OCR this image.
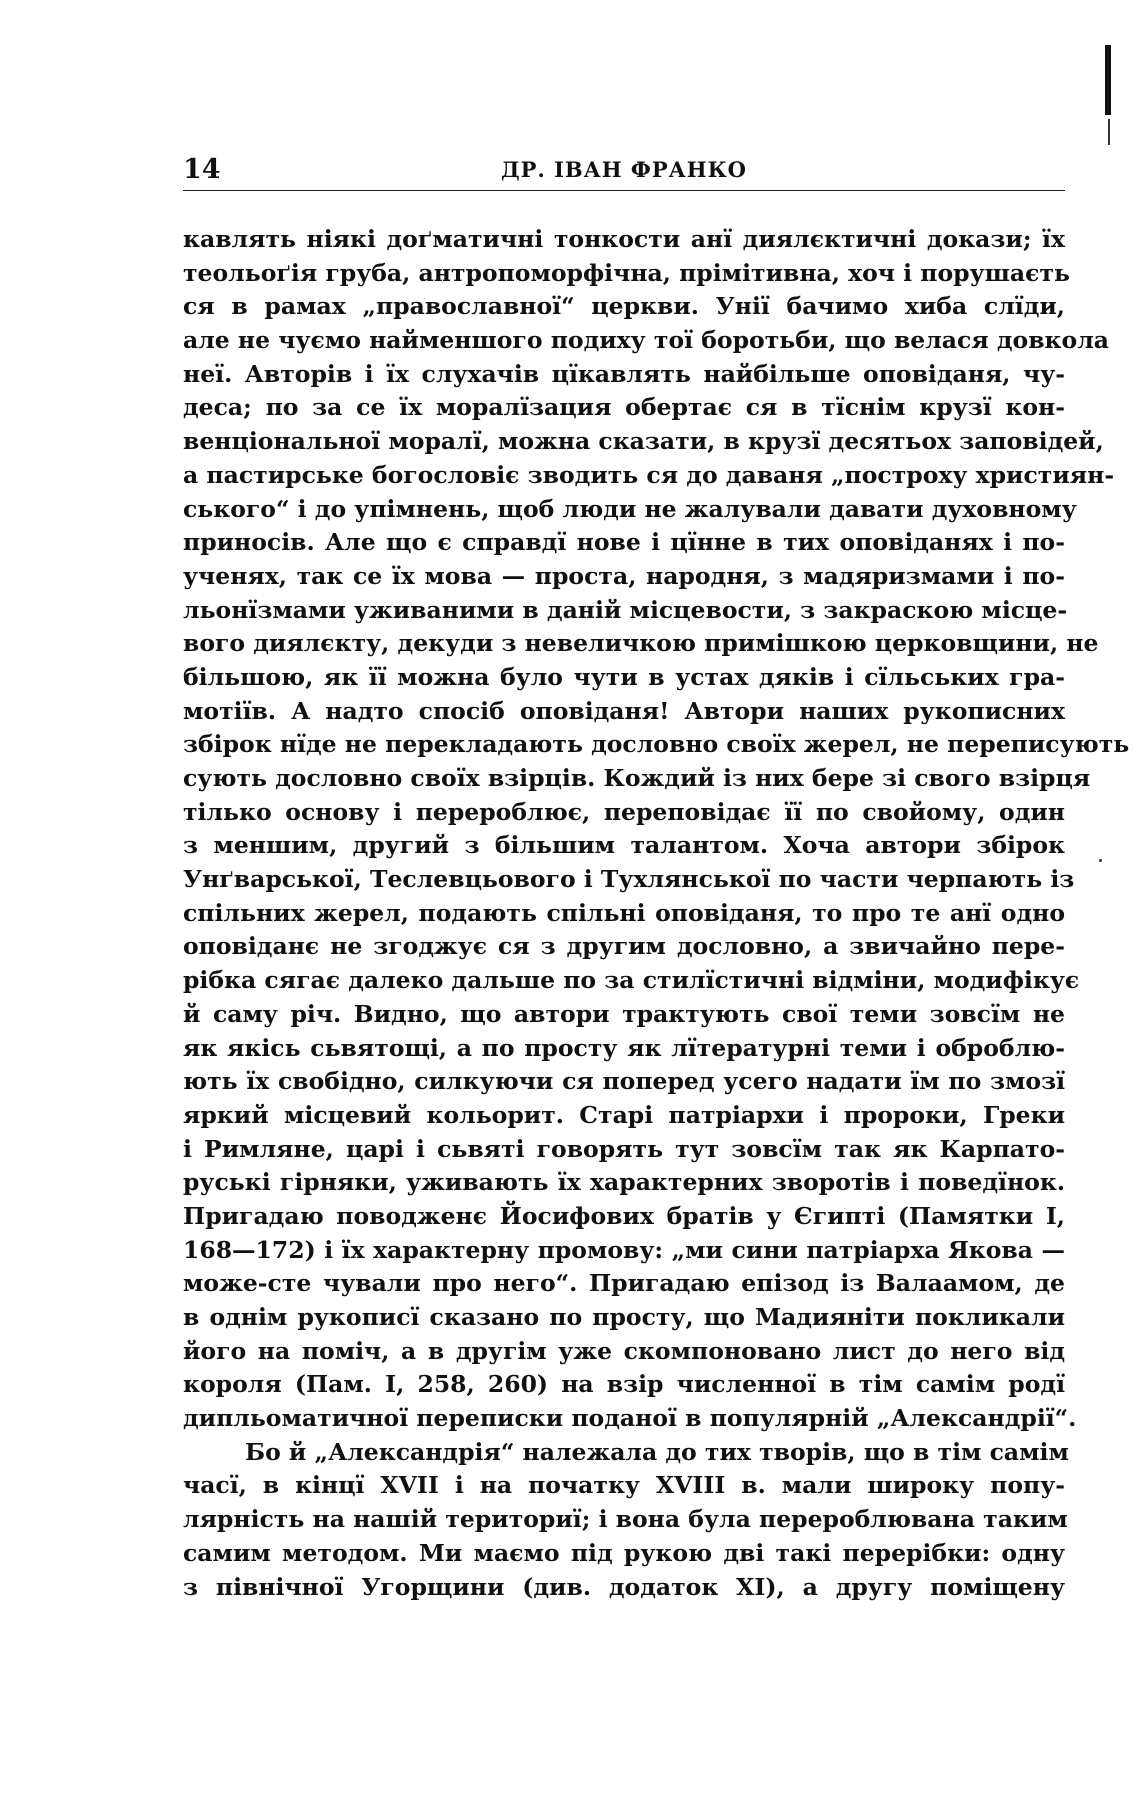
14	ДР. ІВАН ФРАНКО
кавлять ніякі доґматичні тонкости анї диялєктичні докази; їх
теольоґія груба, антропоморфічна, прімітивна, хоч і порушаєть
ся в рамах „православної“ церкви. Унії бачимо хиба слїди,
але не чуємо найменшого подиху тої боротьби, що велася довкола
неї. Авторів і їх слухачів цїкавлять найбільше оповіданя, чу-
деса; по за се їх моралїзация обертає ся в тїснім крузї кон-
венціональної моралї, можна сказати, в крузї десятьох заповідей,
а пастирське богословіє зводить ся до даваня „построху християн-
ського“ і до упімнень, щоб люди не жалували давати духовному
приносів. Але що є справдї нове і цїнне в тих оповіданях і по-
ученях, так се їх мова — проста, народня, з мадяризмами і по-
льонїзмами уживаними в даній місцевости, з закраскою місце-
вого диялєкту, декуди з невеличкою примішкою церковщини, не
більшою, як її можна було чути в устах дяків і сїльських гра-
мотіїв. А надто спосіб оповіданя! Автори наших рукописних
збірок нїде не перекладають дословно своїх жерел, не переписують
сують дословно своїх взірців. Кождий із них бере зі свого взірця
тілько основу і перероблює, переповідає її по свойому, один
з меншим, другий з більшим талантом. Хоча автори збірок
Унґварської, Теслевцьового і Тухлянської по части черпають із
спільних жерел, подають спільні оповіданя, то про те анї одно
оповіданє не згоджує ся з другим дословно, а звичайно пере-
рібка сягає далеко дальше по за стилїстичні відміни, модифікує
й саму річ. Видно, що автори трактують свої теми зовсїм не
як якісь сьвятощі, а по просту як лїтературні теми і оброблю-
ють їх свобідно, силкуючи ся поперед усего надати їм по змозї
яркий місцевий кольорит. Старі патріархи і пророки, Греки
і Римляне, царі і сьвяті говорять тут зовсїм так як Карпато-
руські гірняки, уживають їх характерних зворотів і поведїнок.
Пригадаю поводженє Йосифових братів у Єгипті (Памятки I,
168—172) і їх характерну промову: „ми сини патріарха Якова —
може-сте чували про него“. Пригадаю епізод із Валаамом, де
в однім рукописї сказано по просту, що Мадияніти покликали
його на поміч, а в другім уже скомпоновано лист до него від
короля (Пам. I, 258, 260) на взір численної в тім самім родї
дипльоматичної переписки поданої в популярній „Александрії“.
Бо й „Александрія“ належала до тих творів, що в тім самім
часї, в кінцї XVII і на початку XVIII в. мали широку попу-
лярність на нашій териториї; і вона була перероблювана таким
самим методом. Ми маємо під рукою дві такі перерібки: одну
з північної Угорщини (див. додаток XI), а другу поміщену
